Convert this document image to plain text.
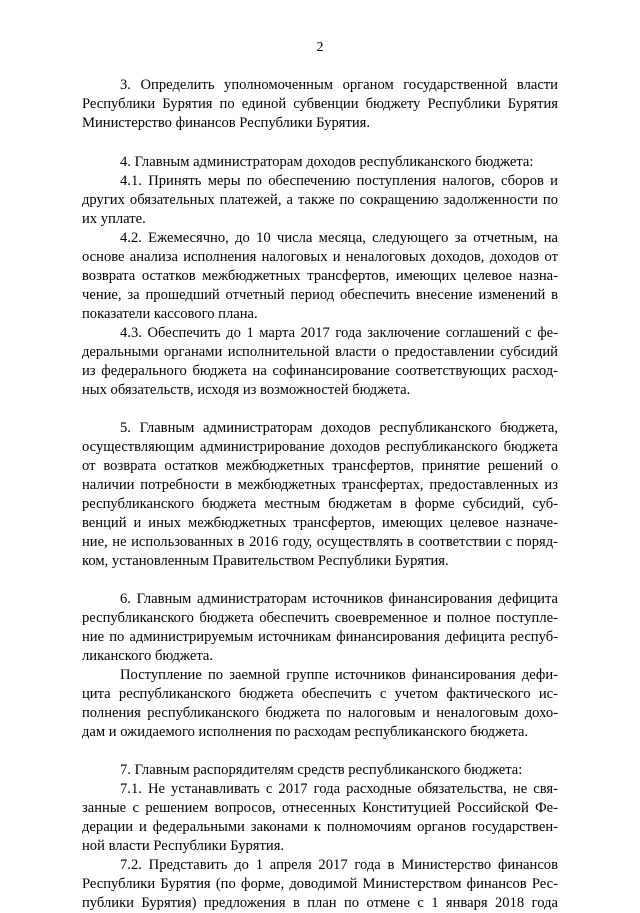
2
3. Определить уполномоченным органом государственной власти
Республики Бурятия по единой субвенции бюджету Республики Бурятия
Министерство финансов Республики Бурятия.
4. Главным администраторам доходов республиканского бюджета:
4.1. Принять меры по обеспечению поступления налогов, сборов и
других обязательных платежей, а также по сокращению задолженности по
их уплате.
4.2. Ежемесячно, до 10 числа месяца, следующего за отчетным, на
основе анализа исполнения налоговых и неналоговых доходов, доходов от
возврата остатков межбюджетных трансфертов, имеющих целевое назна-
чение, за прошедший отчетный период обеспечить внесение изменений в
показатели кассового плана.
4.3. Обеспечить до 1 марта 2017 года заключение соглашений с фе-
деральными органами исполнительной власти о предоставлении субсидий
из федерального бюджета на софинансирование соответствующих расход-
ных обязательств, исходя из возможностей бюджета.
5. Главным администраторам доходов республиканского бюджета,
осуществляющим администрирование доходов республиканского бюджета
от возврата остатков межбюджетных трансфертов, принятие решений о
наличии потребности в межбюджетных трансфертах, предоставленных из
республиканского бюджета местным бюджетам в форме субсидий, суб-
венций и иных межбюджетных трансфертов, имеющих целевое назначе-
ние, не использованных в 2016 году, осуществлять в соответствии с поряд-
ком, установленным Правительством Республики Бурятия.
6. Главным администраторам источников финансирования дефицита
республиканского бюджета обеспечить своевременное и полное поступле-
ние по администрируемым источникам финансирования дефицита респуб-
ликанского бюджета.
Поступление по заемной группе источников финансирования дефи-
цита республиканского бюджета обеспечить с учетом фактического ис-
полнения республиканского бюджета по налоговым и неналоговым дохо-
дам и ожидаемого исполнения по расходам республиканского бюджета.
7. Главным распорядителям средств республиканского бюджета:
7.1. Не устанавливать с 2017 года расходные обязательства, не свя-
занные с решением вопросов, отнесенных Конституцией Российской Фе-
дерации и федеральными законами к полномочиям органов государствен-
ной власти Республики Бурятия.
7.2. Представить до 1 апреля 2017 года в Министерство финансов
Республики Бурятия (по форме, доводимой Министерством финансов Рес-
публики Бурятия) предложения в план по отмене с 1 января 2018 года
